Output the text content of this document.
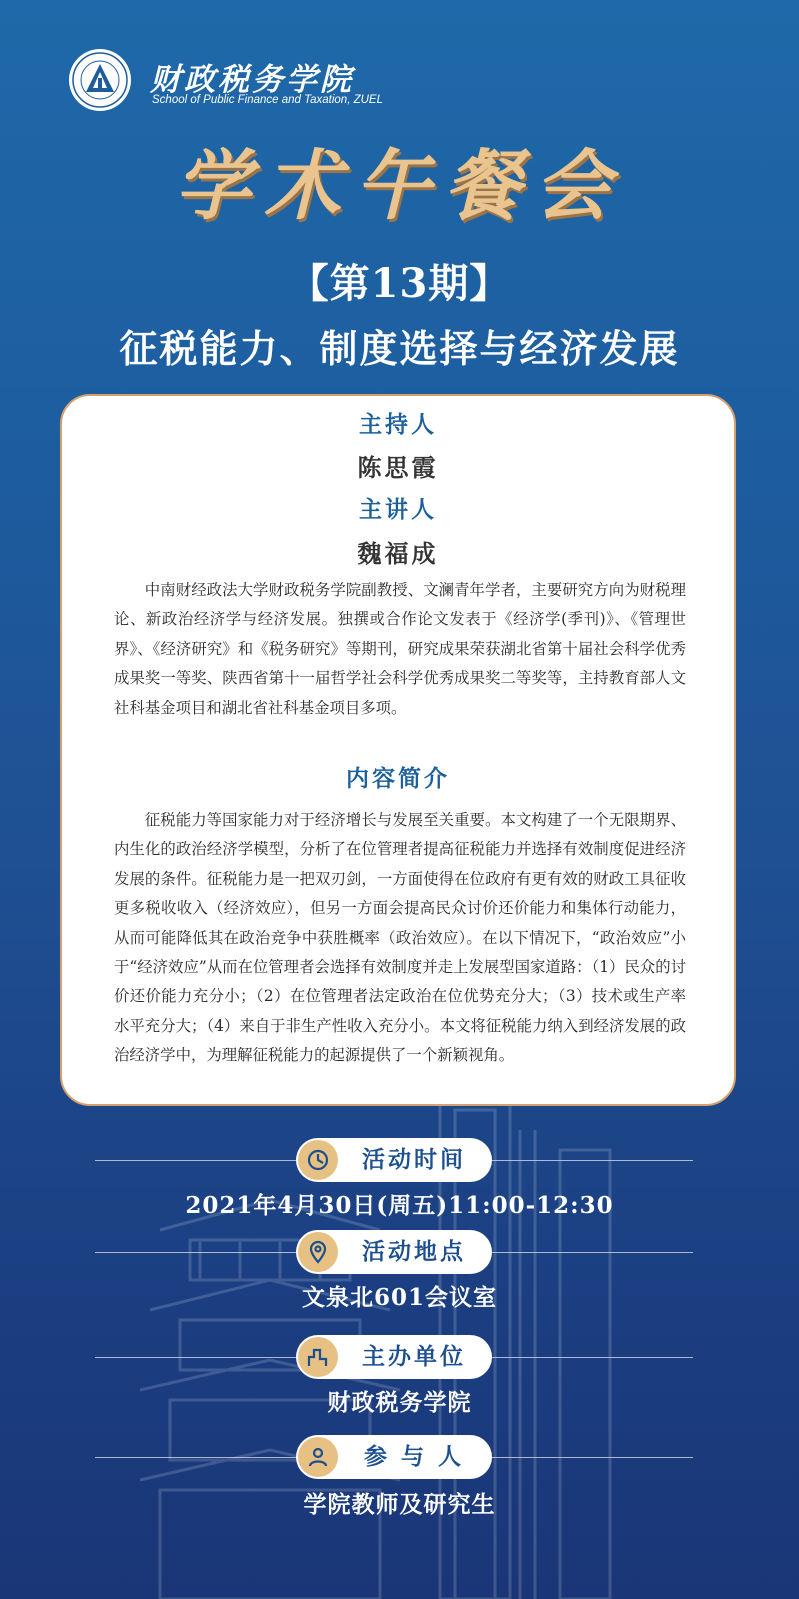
财政税务学院
School of Public Finance and Taxation, ZUEL
学术午餐会
【第13期】
征税能力、制度选择与经济发展
主持人
陈思霞
主讲人
魏福成

中南财经政法大学财政税务学院副教授、文澜青年学者，主要研究方向为财税理论、新政治经济学与经济发展。独撰或合作论文发表于《经济学(季刊)》、《管理世界》、《经济研究》和《税务研究》等期刊，研究成果荣获湖北省第十届社会科学优秀成果奖一等奖、陕西省第十一届哲学社会科学优秀成果奖二等奖等，主持教育部人文社科基金项目和湖北省社科基金项目多项。

内容简介

征税能力等国家能力对于经济增长与发展至关重要。本文构建了一个无限期界、内生化的政治经济学模型，分析了在位管理者提高征税能力并选择有效制度促进经济发展的条件。征税能力是一把双刃剑，一方面使得在位政府有更有效的财政工具征收更多税收收入（经济效应），但另一方面会提高民众讨价还价能力和集体行动能力，从而可能降低其在政治竞争中获胜概率（政治效应）。在以下情况下，“政治效应”小于“经济效应”从而在位管理者会选择有效制度并走上发展型国家道路：（1）民众的讨价还价能力充分小；（2）在位管理者法定政治在位优势充分大；（3）技术或生产率水平充分大；（4）来自于非生产性收入充分小。本文将征税能力纳入到经济发展的政治经济学中，为理解征税能力的起源提供了一个新颖视角。

活动时间
2021年4月30日(周五)11:00-12:30
活动地点
文泉北601会议室
主办单位
财政税务学院
参 与 人
学院教师及研究生
